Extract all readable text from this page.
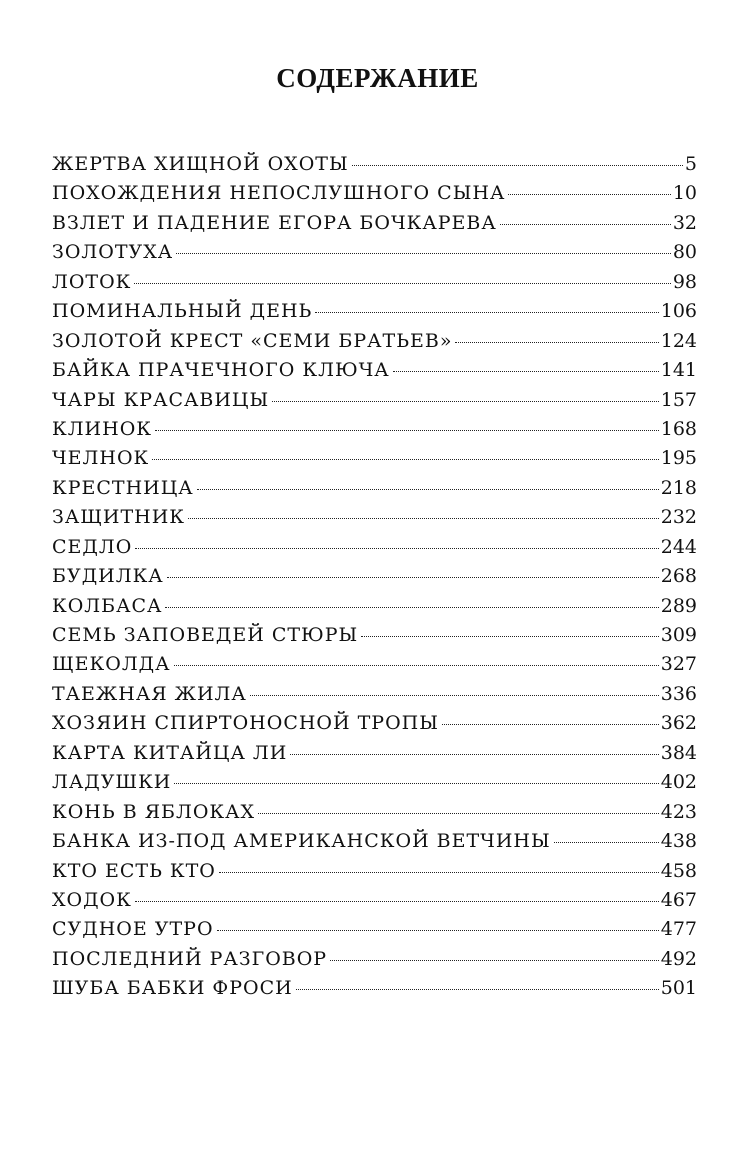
СОДЕРЖАНИЕ
ЖЕРТВА ХИЩНОЙ ОХОТЫ	5
ПОХОЖДЕНИЯ НЕПОСЛУШНОГО СЫНА	10
ВЗЛЕТ И ПАДЕНИЕ ЕГОРА БОЧКАРЕВА	32
ЗОЛОТУХА	80
ЛОТОК	98
ПОМИНАЛЬНЫЙ ДЕНЬ	106
ЗОЛОТОЙ КРЕСТ «СЕМИ БРАТЬЕВ»	124
БАЙКА ПРАЧЕЧНОГО КЛЮЧА	141
ЧАРЫ КРАСАВИЦЫ	157
КЛИНОК	168
ЧЕЛНОК	195
КРЕСТНИЦА	218
ЗАЩИТНИК	232
СЕДЛО	244
БУДИЛКА	268
КОЛБАСА	289
СЕМЬ ЗАПОВЕДЕЙ СТЮРЫ	309
ЩЕКОЛДА	327
ТАЕЖНАЯ ЖИЛА	336
ХОЗЯИН СПИРТОНОСНОЙ ТРОПЫ	362
КАРТА КИТАЙЦА ЛИ	384
ЛАДУШКИ	402
КОНЬ В ЯБЛОКАХ	423
БАНКА ИЗ-ПОД АМЕРИКАНСКОЙ ВЕТЧИНЫ	438
КТО ЕСТЬ КТО	458
ХОДОК	467
СУДНОЕ УТРО	477
ПОСЛЕДНИЙ РАЗГОВОР	492
ШУБА БАБКИ ФРОСИ	501
